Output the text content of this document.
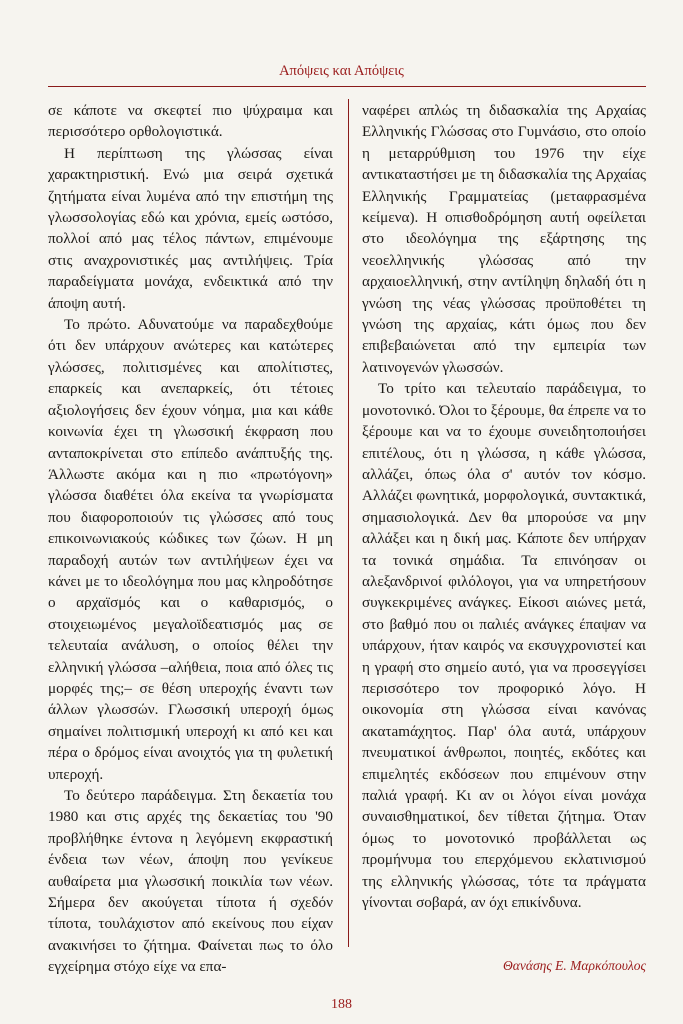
Απόψεις και Απόψεις

σε κάποτε να σκεφτεί πιο ψύχραιμα και περισσότερο ορθολογιστικά.

Η περίπτωση της γλώσσας είναι χαρακτηριστική. Ενώ μια σειρά σχετικά ζητήματα είναι λυμένα από την επιστήμη της γλωσσολογίας εδώ και χρόνια, εμείς ωστόσο, πολλοί από μας τέλος πάντων, επιμένουμε στις αναχρονιστικές μας αντιλήψεις. Τρία παραδείγματα μονάχα, ενδεικτικά από την άποψη αυτή.

Το πρώτο. Αδυνατούμε να παραδεχθούμε ότι δεν υπάρχουν ανώτερες και κατώτερες γλώσσες, πολιτισμένες και απολίτιστες, επαρκείς και ανεπαρκείς, ότι τέτοιες αξιολογήσεις δεν έχουν νόημα, μια και κάθε κοινωνία έχει τη γλωσσική έκφραση που ανταποκρίνεται στο επίπεδο ανάπτυξής της. Άλλωστε ακόμα και η πιο «πρωτόγονη» γλώσσα διαθέτει όλα εκείνα τα γνωρίσματα που διαφοροποιούν τις γλώσσες από τους επικοινωνιακούς κώδικες των ζώων. Η μη παραδοχή αυτών των αντιλήψεων έχει να κάνει με το ιδεολόγημα που μας κληροδότησε ο αρχαϊσμός και ο καθαρισμός, ο στοιχειωμένος μεγαλοϊδεατισμός μας σε τελευταία ανάλυση, ο οποίος θέλει την ελληνική γλώσσα –αλήθεια, ποια από όλες τις μορφές της;– σε θέση υπεροχής έναντι των άλλων γλωσσών. Γλωσσική υπεροχή όμως σημαίνει πολιτισμική υπεροχή κι από κει και πέρα ο δρόμος είναι ανοιχτός για τη φυλετική υπεροχή.

Το δεύτερο παράδειγμα. Στη δεκαετία του 1980 και στις αρχές της δεκαετίας του '90 προβλήθηκε έντονα η λεγόμενη εκφραστική ένδεια των νέων, άποψη που γενίκευε αυθαίρετα μια γλωσσική ποικιλία των νέων. Σήμερα δεν ακούγεται τίποτα ή σχεδόν τίποτα, τουλάχιστον από εκείνους που είχαν ανακινήσει το ζήτημα. Φαίνεται πως το όλο εγχείρημα στόχο είχε να επα-

ναφέρει απλώς τη διδασκαλία της Αρχαίας Ελληνικής Γλώσσας στο Γυμνάσιο, στο οποίο η μεταρρύθμιση του 1976 την είχε αντικαταστήσει με τη διδασκαλία της Αρχαίας Ελληνικής Γραμματείας (μεταφρασμένα κείμενα). Η οπισθοδρόμηση αυτή οφείλεται στο ιδεολόγημα της εξάρτησης της νεοελληνικής γλώσσας από την αρχαιοελληνική, στην αντίληψη δηλαδή ότι η γνώση της νέας γλώσσας προϋποθέτει τη γνώση της αρχαίας, κάτι όμως που δεν επιβεβαιώνεται από την εμπειρία των λατινογενών γλωσσών.

Το τρίτο και τελευταίο παράδειγμα, το μονοτονικό. Όλοι το ξέρουμε, θα έπρεπε να το ξέρουμε και να το έχουμε συνειδητοποιήσει επιτέλους, ότι η γλώσσα, η κάθε γλώσσα, αλλάζει, όπως όλα σ' αυτόν τον κόσμο. Αλλάζει φωνητικά, μορφολογικά, συντακτικά, σημασιολογικά. Δεν θα μπορούσε να μην αλλάξει και η δική μας. Κάποτε δεν υπήρχαν τα τονικά σημάδια. Τα επινόησαν οι αλεξανδρινοί φιλόλογοι, για να υπηρετήσουν συγκεκριμένες ανάγκες. Είκοσι αιώνες μετά, στο βαθμό που οι παλιές ανάγκες έπαψαν να υπάρχουν, ήταν καιρός να εκσυγχρονιστεί και η γραφή στο σημείο αυτό, για να προσεγγίσει περισσότερο τον προφορικό λόγο. Η οικονομία στη γλώσσα είναι κανόνας ακατamάχητος. Παρ' όλα αυτά, υπάρχουν πνευματικοί άνθρωποι, ποιητές, εκδότες και επιμελητές εκδόσεων που επιμένουν στην παλιά γραφή. Κι αν οι λόγοι είναι μονάχα συναισθηματικοί, δεν τίθεται ζήτημα. Όταν όμως το μονοτονικό προβάλλεται ως προμήνυμα του επερχόμενου εκλατινισμού της ελληνικής γλώσσας, τότε τα πράγματα γίνονται σοβαρά, αν όχι επικίνδυνα.

Θανάσης Ε. Μαρκόπουλος
188
